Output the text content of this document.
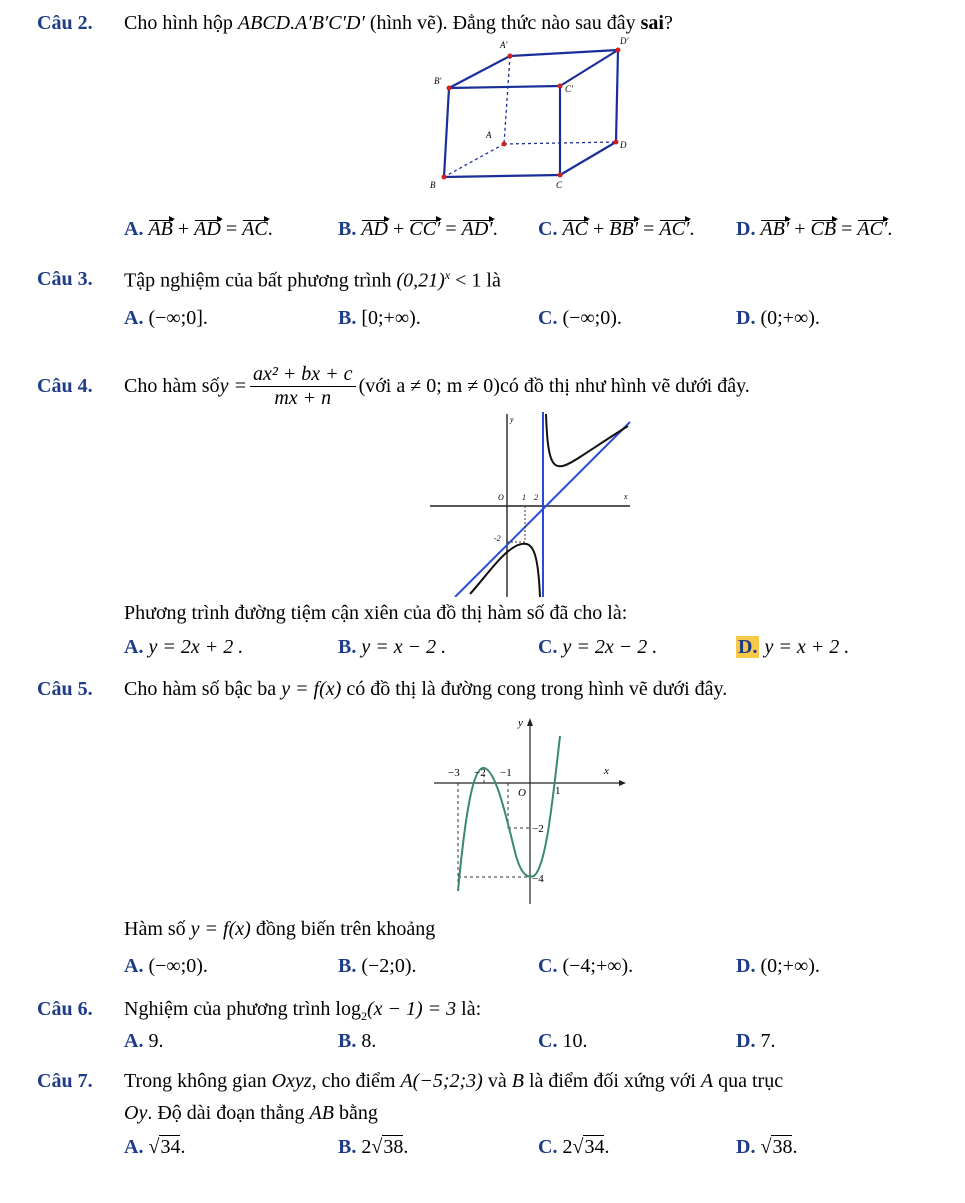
Câu 2. Cho hình hộp ABCD.A′B′C′D′ (hình vẽ). Đẳng thức nào sau đây sai?
A′	D′
B′
C′
A
D
B	C
A. AB + AD = AC.	B. AD + CC′ = AD′. C. AC + BB′ = AC′. D. AB′ + CB = AC′.
Câu 3. Tập nghiệm của bất phương trình $(0,21)^x < 1$ là
A. (−∞;0].	B. [0;+∞).	C. (−∞;0).	D. (0;+∞).
Câu 4. Cho hàm số $y = \frac{\text{ax² + bx + c}}{mx + n}$ (với a ≠ 0; m ≠ 0) có đồ thị như hình vẽ dưới đây.
y
x
O 1 2
-2
Phương trình đường tiệm cận xiên của đồ thị hàm số đã cho là:
A. y = 2x + 2 .	B. y = x − 2 .	C. y = 2x − 2 .	D. y = x + 2 .
Câu 5. Cho hàm số bậc ba y = f(x) có đồ thị là đường cong trong hình vẽ dưới đây.
y
x
O
−3 −2 −1
1
−2
−4
Hàm số y = f(x) đồng biến trên khoảng
A. (−∞;0).	B. (−2;0).	C. (−4;+∞).	D. (0;+∞).
Câu 6. Nghiệm của phương trình $\log_2(x - 1) = 3$ là:
A. 9.	B. 8.	C. 10.	D. 7.
Câu 7. Trong không gian Oxyz, cho điểm A(−5;2;3) và B là điểm đối xứng với A qua trục
Oy. Độ dài đoạn thẳng AB bằng
A. √34.	B. 2√38.	C. 2√34.	D. √38.
